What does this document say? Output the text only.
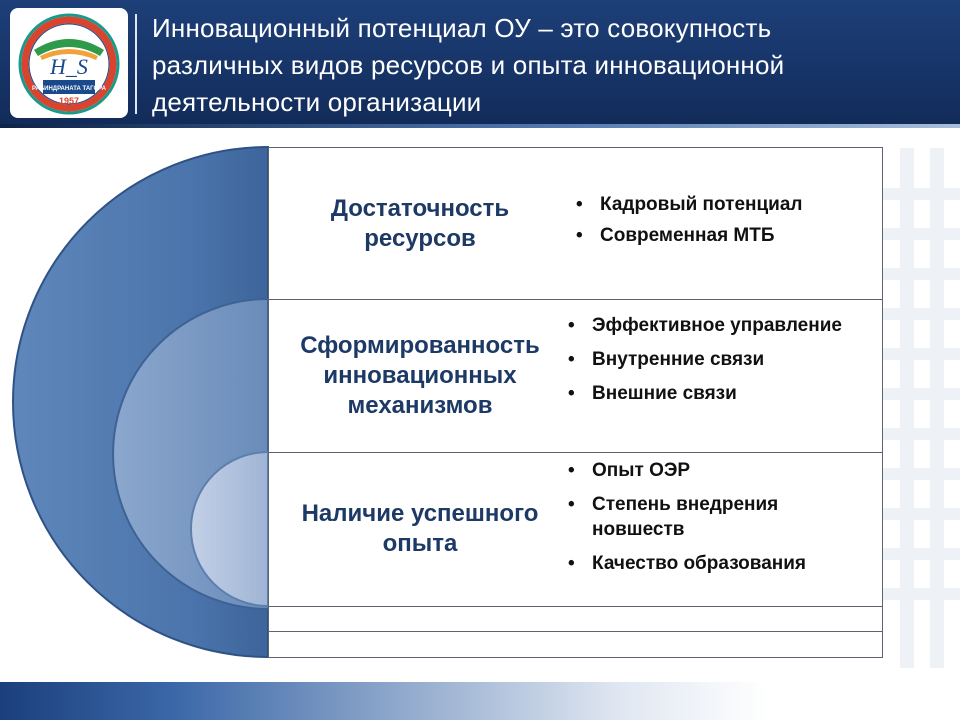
H_S
РАБИНДРАНАТА ТАГОРА
1957
Инновационный потенциал ОУ – это совокупность
различных видов ресурсов и опыта инновационной
деятельности организации
Достаточность ресурсов
Сформированность инновационных механизмов
Наличие успешного опыта
• Кадровый потенциал
• Современная МТБ
• Эффективное управление
• Внутренние связи
• Внешние связи
• Опыт ОЭР
• Степень внедрения новшеств
• Качество образования
